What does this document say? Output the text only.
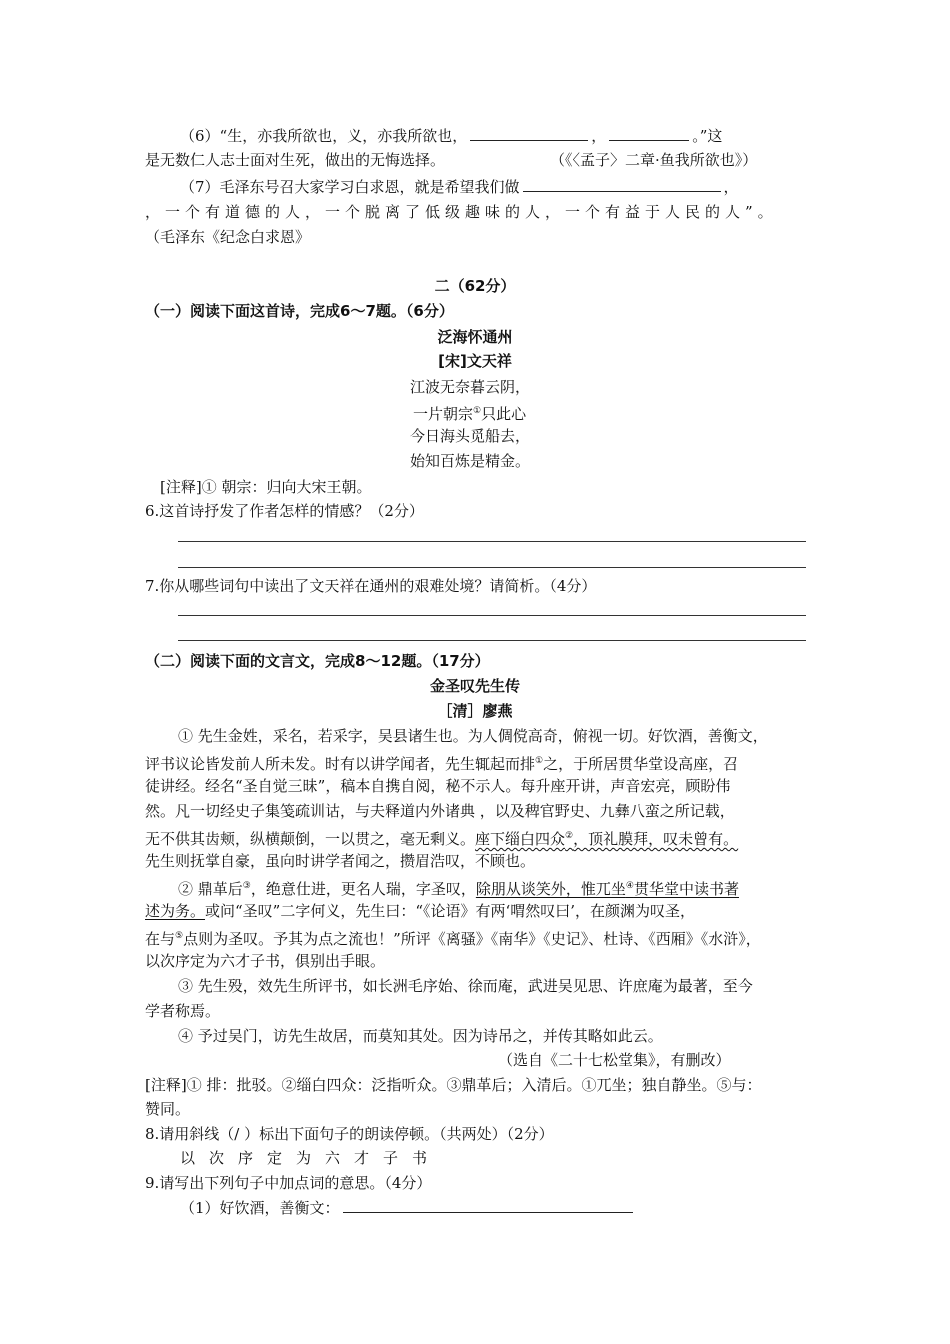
（6）“生，亦我所欲也，义，亦我所欲也，	，	。”这
是无数仁人志士面对生死，做出的无悔选择。	（《〈孟子〉二章·鱼我所欲也》）
（7）毛泽东号召大家学习白求恩，就是希望我们做	，
，一个有道德的人，一个脱离了低级趣味的人，一个有益于人民的人”。
（毛泽东《纪念白求恩》
二（62分）
（一）阅读下面这首诗，完成6～7题。（6分）
泛海怀通州
[宋]文天祥
江波无奈暮云阴，
一片朝宗①只此心
今日海头觅船去，
始知百炼是精金。
[注释]① 朝宗：归向大宋王朝。
6.这首诗抒发了作者怎样的情感？（2分）
7.你从哪些词句中读出了文天祥在通州的艰难处境？请简析。（4分）
（二）阅读下面的文言文，完成8～12题。（17分）
金圣叹先生传
［清］廖燕
① 先生金姓，采名，若采字，吴县诸生也。为人倜傥高奇，俯视一切。好饮酒，善衡文，
评书议论皆发前人所未发。时有以讲学闻者，先生辄起而排①之，于所居贯华堂设高座，召
徒讲经。经名“圣自觉三昧”，稿本自携自阅，秘不示人。每升座开讲，声音宏亮，顾盼伟
然。凡一切经史子集笺疏训诂，与夫释道内外诸典 ，以及稗官野史、九彝八蛮之所记载，
无不供其齿颊，纵横颠倒，一以贯之，毫无剩义。座下缁白四众②，顶礼膜拜，叹未曾有。
先生则抚掌自豪，虽向时讲学者闻之，攒眉浩叹，不顾也。
② 鼎革后③，绝意仕进，更名人瑞，字圣叹，除朋从谈笑外，惟兀坐④贯华堂中读书著
述为务。或问“圣叹”二字何义，先生曰：“《论语》有两‘喟然叹曰’，在颜渊为叹圣，
在与⑤点则为圣叹。予其为点之流也！”所评《离骚》《南华》《史记》、杜诗、《西厢》《水浒》，
以次序定为六才子书，俱别出手眼。
③ 先生殁，效先生所评书，如长洲毛序始、徐而庵，武进吴见思、许庶庵为最著，至今
学者称焉。
④ 予过吴门，访先生故居，而莫知其处。因为诗吊之，并传其略如此云。
（选自《二十七松堂集》，有删改）
[注释]① 排：批驳。②缁白四众：泛指听众。③鼎革后；入清后。①兀坐；独自静坐。⑤与：
赞同。
8.请用斜线（/ ）标出下面句子的朗读停顿。（共两处）（2分）
以次序定为六才子书
9.请写出下列句子中加点词的意思。（4分）
（1）好饮酒，善衡文：
